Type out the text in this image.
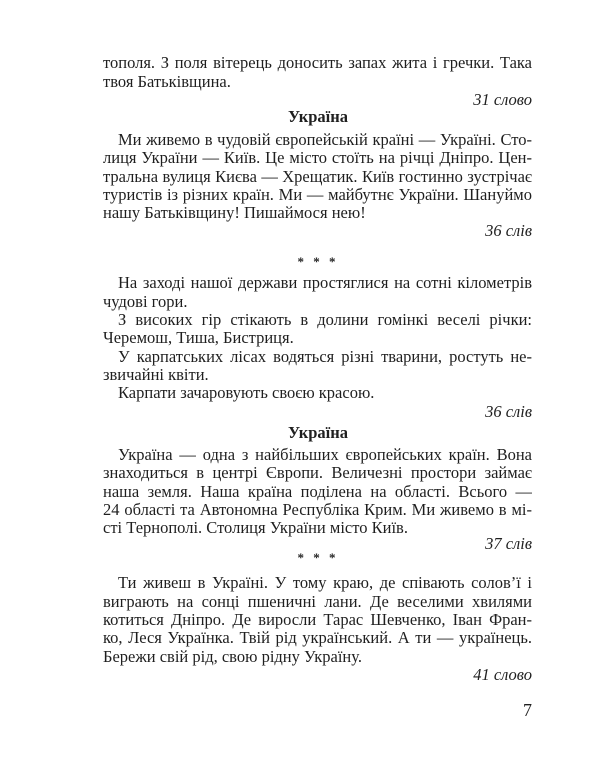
7
тополя. З поля вітерець доносить запах жита і гречки. Така
твоя Батьківщина.
31 слово
Україна
Ми живемо в чудовій європейській країні — Україні. Сто-
лиця України — Київ. Це місто стоїть на річці Дніпро. Цен-
тральна вулиця Києва — Хрещатик. Київ гостинно зустрічає
туристів із різних країн. Ми — майбутнє України. Шануймо
нашу Батьківщину! Пишаймося нею!
36 слів
* * *
На заході нашої держави простяглися на сотні кілометрів
чудові гори.
З високих гір стікають в долини гомінкі веселі річки:
Черемош, Тиша, Бистриця.
У карпатських лісах водяться різні тварини, ростуть не-
звичайні квіти.
Карпати зачаровують своєю красою.
36 слів
Україна
Україна — одна з найбільших європейських країн. Вона
знаходиться в центрі Європи. Величезні простори займає
наша земля. Наша країна поділена на області. Всього —
24 області та Автономна Республіка Крим. Ми живемо в мі-
сті Тернополі. Столиця України місто Київ.
37 слів
* * *
Ти живеш в Україні. У тому краю, де співають солов’ї і
виграють на сонці пшеничні лани. Де веселими хвилями
котиться Дніпро. Де виросли Тарас Шевченко, Іван Фран-
ко, Леся Українка. Твій рід український. А ти — українець.
Бережи свій рід, свою рідну Україну.
41 слово
